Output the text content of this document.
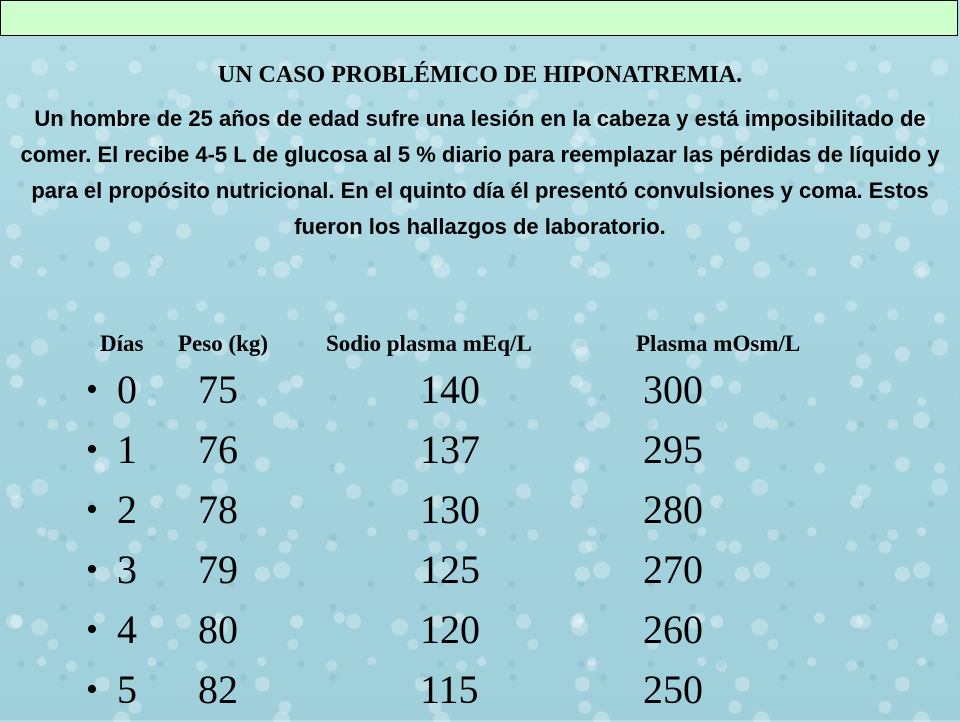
UN CASO PROBLÉMICO DE HIPONATREMIA.

Un hombre de 25 años de edad sufre una lesión en la cabeza y está imposibilitado de comer. El recibe 4-5 L de glucosa al 5 % diario para reemplazar las pérdidas de líquido y para el propósito nutricional. En el quinto día él presentó convulsiones y coma. Estos fueron los hallazgos de laboratorio.

Días Peso (kg)	Sodio plasma mEq/L	Plasma mOsm/L
• 0 75	140	300
• 1 76	137	295
• 2 78	130	280
• 3 79	125	270
• 4 80	120	260
• 5 82	115	250
